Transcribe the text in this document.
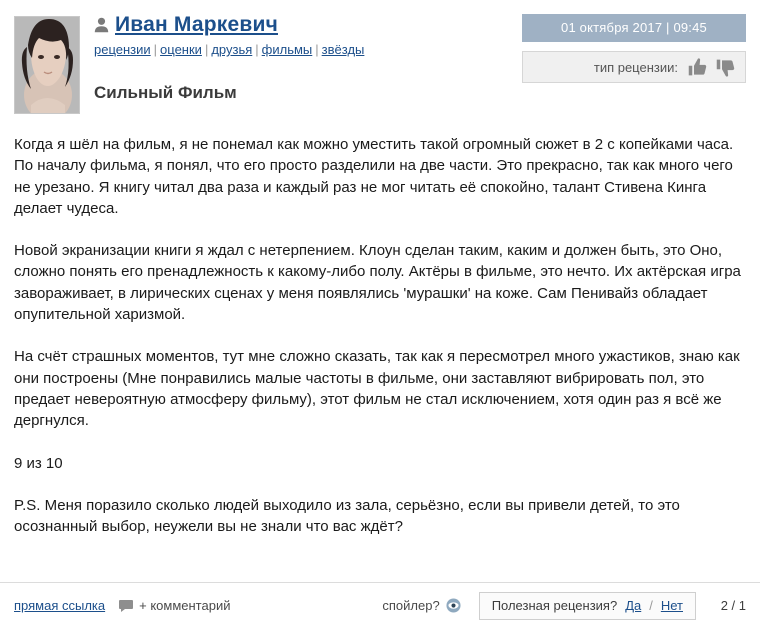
Иван Маркевич
рецензии | оценки | друзья | фильмы | звёзды
Сильный Фильм
01 октября 2017 | 09:45
тип рецензии:

Когда я шёл на фильм, я не понемал как можно уместить такой огромный сюжет в 2 с копейками часа. По началу фильма, я понял, что его просто разделили на две части. Это прекрасно, так как много чего не урезано. Я книгу читал два раза и каждый раз не мог читать её спокойно, талант Стивена Кинга делает чудеса.

Новой экранизации книги я ждал с нетерпением. Клоун сделан таким, каким и должен быть, это Оно, сложно понять его пренадлежность к какому-либо полу. Актёры в фильме, это нечто. Их актёрская игра завораживает, в лирических сценах у меня появлялись 'мурашки' на коже. Сам Пенивайз обладает опупительной харизмой.

На счёт страшных моментов, тут мне сложно сказать, так как я пересмотрел много ужастиков, знаю как они построены (Мне понравились малые частоты в фильме, они заставляют вибрировать пол, это предает невероятную атмосферу фильму), этот фильм не стал исключением, хотя один раз я всё же дергнулся.

9 из 10

P.S. Меня поразило сколько людей выходило из зала, серьёзно, если вы привели детей, то это осознанный выбор, неужели вы не знали что вас ждёт?

прямая ссылка	+ комментарий	спойлер?	Полезная рецензия? Да / Нет	2 / 1
